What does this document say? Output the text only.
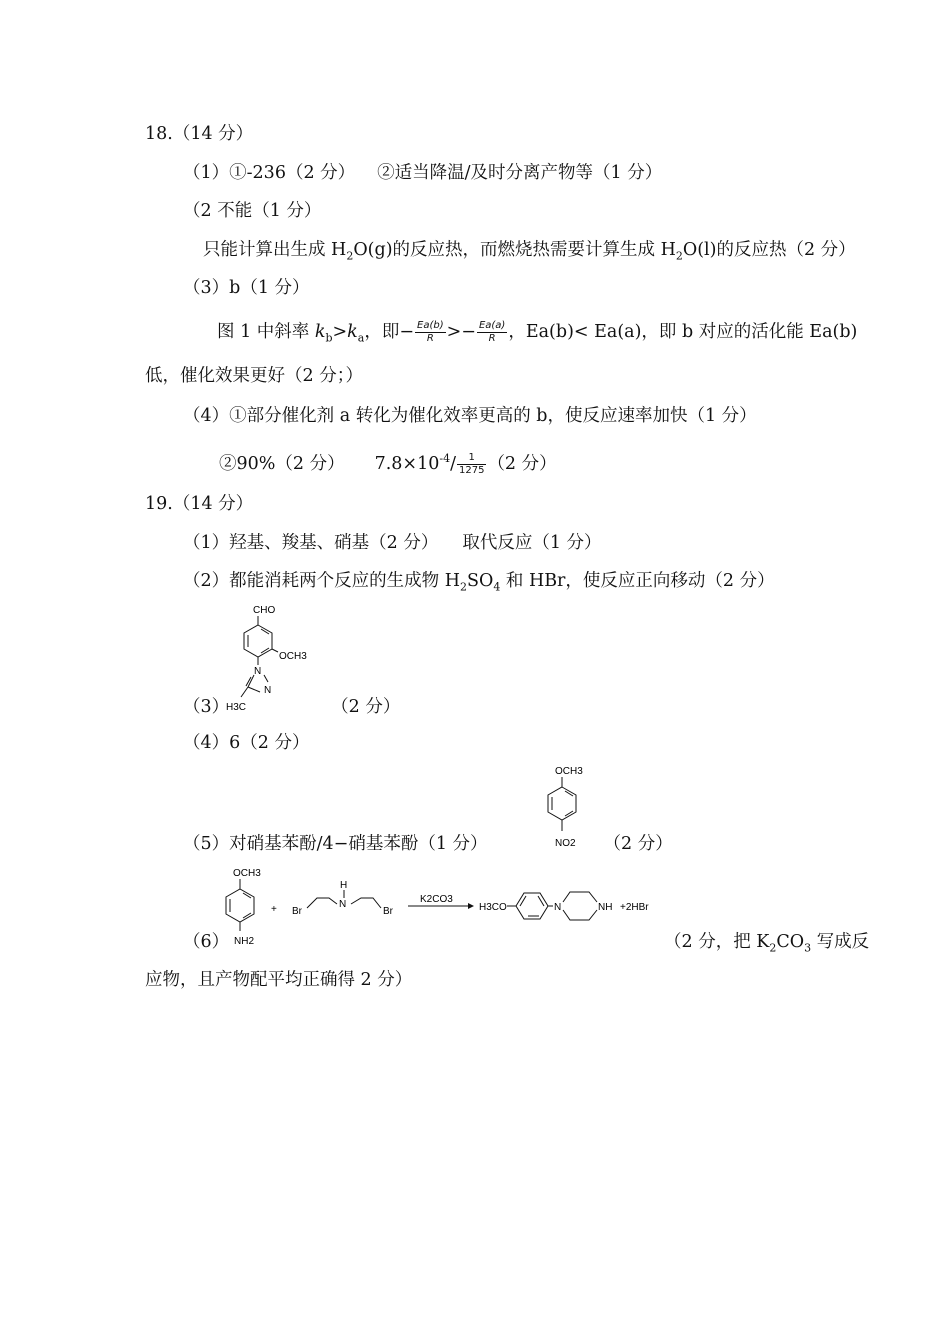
18.（14 分）
（1）①-236（2 分） ②适当降温/及时分离产物等（1 分）
（2 不能（1 分）
只能计算出生成 $H_2O(g)$的反应热，而燃烧热需要计算生成 $H_2O(l)$的反应热（2 分）
（3）b（1 分）
图 1 中斜率 $k_b>k_a$，即− $\frac{Ea(b)}{R} >- \frac{Ea(a)}{R}$ ，Ea(b)< Ea(a)，即 b 对应的活化能 Ea(b)
低，催化效果更好（2 分；）
（4）①部分催化剂 a 转化为催化效率更高的 b，使反应速率加快（1 分）
②90%（2 分） $7.8\times 10^{-4}/ \frac{1}{1275} (2$ 分）
19.（14 分）
（1）羟基、羧基、硝基（2 分） 取代反应（1 分）
（2）都能消耗两个反应的生成物 $H_2SO_4$ 和 HBr，使反应正向移动（2 分）
CHO
OCH3
N
N
H3C
（3）	（2 分）
（4）6（2 分）
OCH3
NO2
（5）对硝基苯酚/4−硝基苯酚（1 分）	（2 分）
OCH3
NH2
+ Br
H
N
Br
K2CO3
H3CO	N	NH +2HBr
（6）	（2 分，把 $K_2CO_3$ 写成反
应物，且产物配平均正确得 2 分）
